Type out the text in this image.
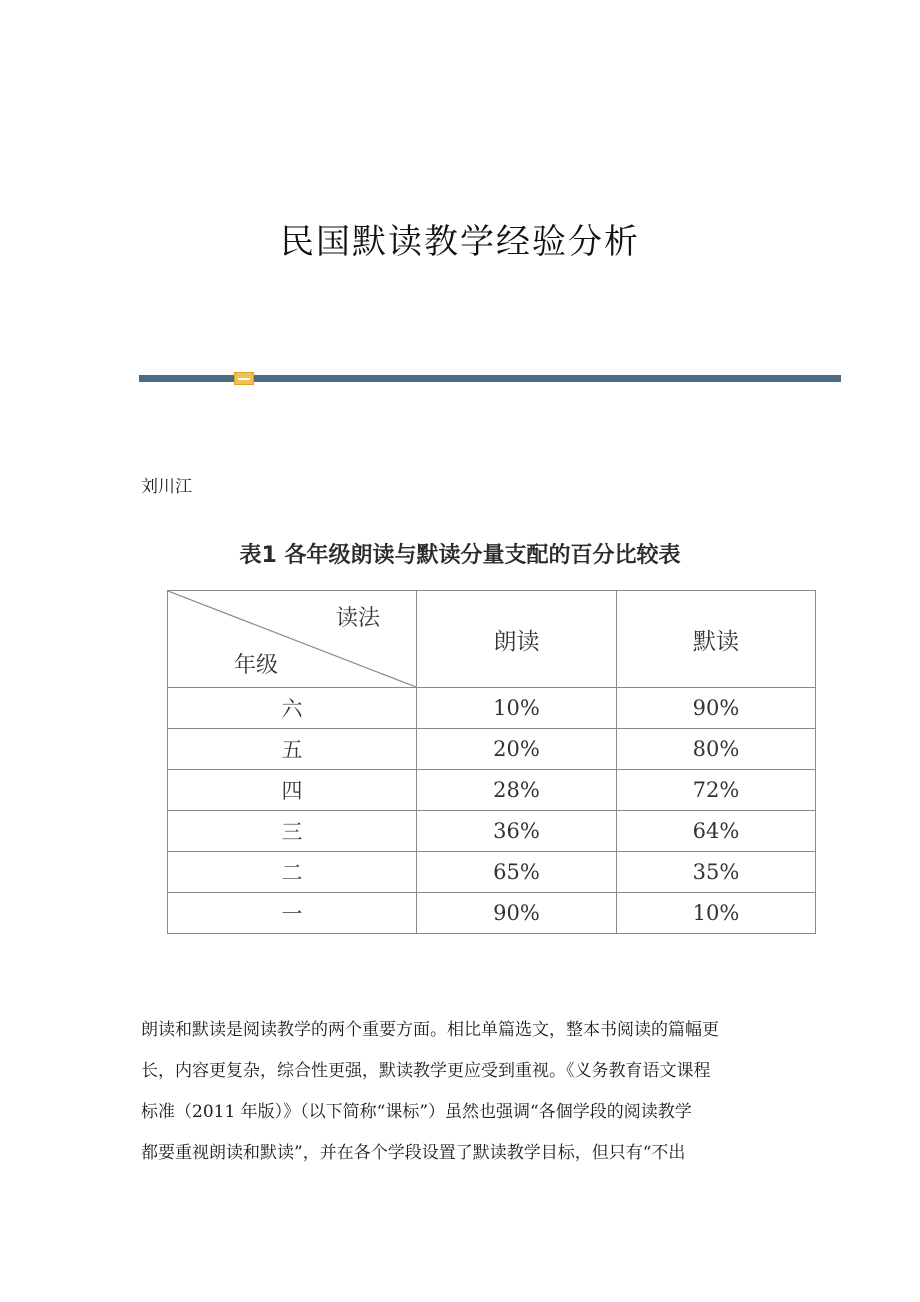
民国默读教学经验分析
刘川江
表1 各年级朗读与默读分量支配的百分比较表
读法
年级	朗读	默读
六	10%	90%
五	20%	80%
四	28%	72%
三	36%	64%
二	65%	35%
一	90%	10%

朗读和默读是阅读教学的两个重要方面。相比单篇选文，整本书阅读的篇幅更

长，内容更复杂，综合性更强，默读教学更应受到重视。《义务教育语文课程

标准（2011 年版）》（以下简称“课标”）虽然也强调“各個学段的阅读教学

都要重视朗读和默读”，并在各个学段设置了默读教学目标，但只有“不出
